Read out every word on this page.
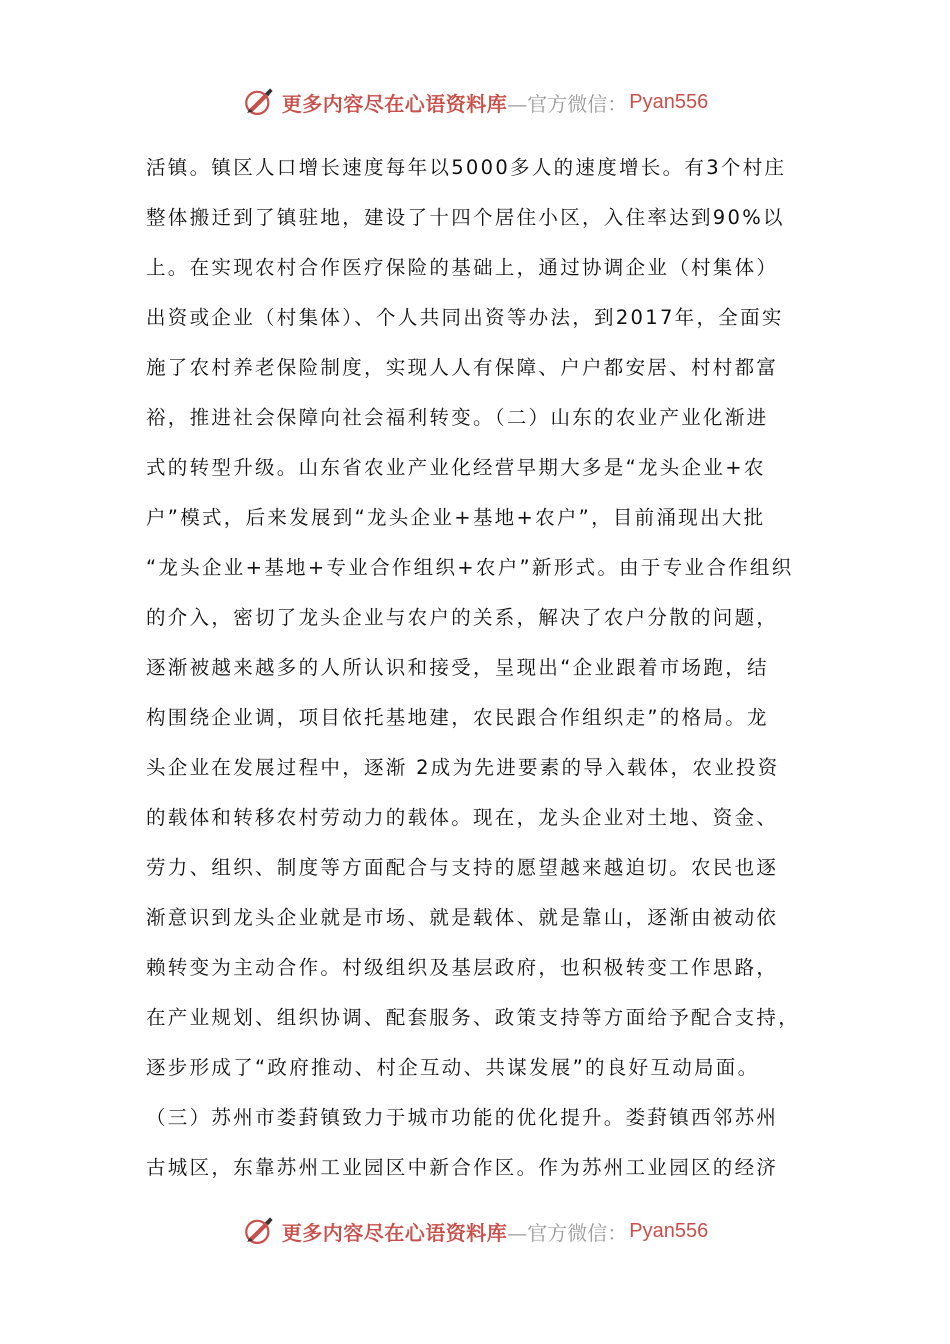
更多内容尽在心语资料库 —官方微信： Pyan556
活镇。镇区人口增长速度每年以5000多人的速度增长。有3个村庄
整体搬迁到了镇驻地，建设了十四个居住小区，入住率达到90%以
上。在实现农村合作医疗保险的基础上，通过协调企业（村集体）
出资或企业（村集体）、个人共同出资等办法，到2017年，全面实
施了农村养老保险制度，实现人人有保障、户户都安居、村村都富
裕，推进社会保障向社会福利转变。（二）山东的农业产业化渐进
式的转型升级。山东省农业产业化经营早期大多是“龙头企业+农
户”模式，后来发展到“龙头企业+基地+农户”，目前涌现出大批
“龙头企业+基地+专业合作组织+农户”新形式。由于专业合作组织
的介入，密切了龙头企业与农户的关系，解决了农户分散的问题，
逐渐被越来越多的人所认识和接受，呈现出“企业跟着市场跑，结
构围绕企业调，项目依托基地建，农民跟合作组织走”的格局。龙
头企业在发展过程中，逐渐 2成为先进要素的导入载体，农业投资
的载体和转移农村劳动力的载体。现在，龙头企业对土地、资金、
劳力、组织、制度等方面配合与支持的愿望越来越迫切。农民也逐
渐意识到龙头企业就是市场、就是载体、就是靠山，逐渐由被动依
赖转变为主动合作。村级组织及基层政府，也积极转变工作思路，
在产业规划、组织协调、配套服务、政策支持等方面给予配合支持，
逐步形成了“政府推动、村企互动、共谋发展”的良好互动局面。
（三）苏州市娄葑镇致力于城市功能的优化提升。娄葑镇西邻苏州
古城区，东靠苏州工业园区中新合作区。作为苏州工业园区的经济
更多内容尽在心语资料库 —官方微信： Pyan556
